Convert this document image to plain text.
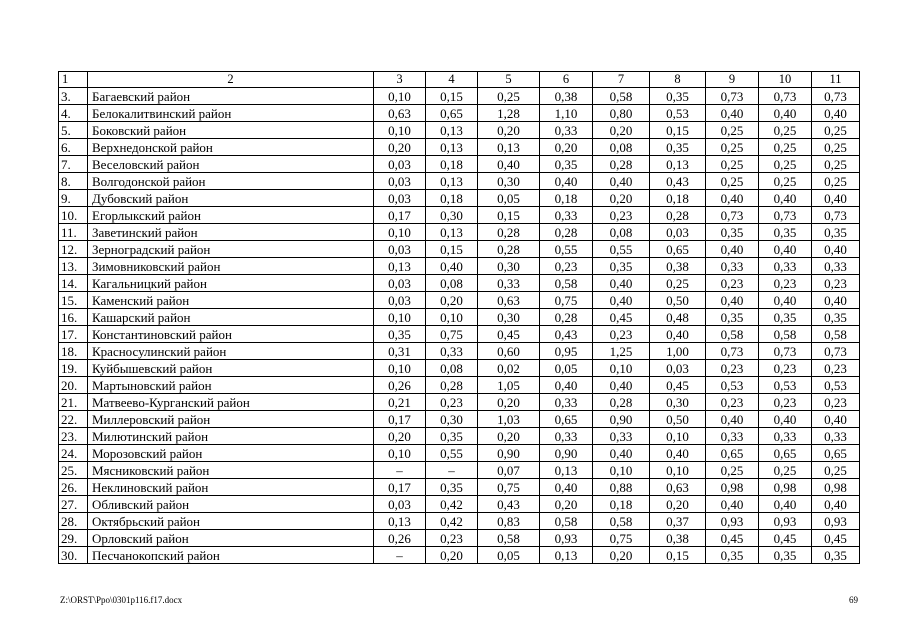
1	2	3	4	5	6	7	8	9	10	11
3.	Багаевский район	0,10	0,15	0,25	0,38	0,58	0,35	0,73	0,73	0,73
4.	Белокалитвинский район	0,63	0,65	1,28	1,10	0,80	0,53	0,40	0,40	0,40
5.	Боковский район	0,10	0,13	0,20	0,33	0,20	0,15	0,25	0,25	0,25
6.	Верхнедонской район	0,20	0,13	0,13	0,20	0,08	0,35	0,25	0,25	0,25
7.	Веселовский район	0,03	0,18	0,40	0,35	0,28	0,13	0,25	0,25	0,25
8.	Волгодонской район	0,03	0,13	0,30	0,40	0,40	0,43	0,25	0,25	0,25
9.	Дубовский район	0,03	0,18	0,05	0,18	0,20	0,18	0,40	0,40	0,40
10.	Егорлыкский район	0,17	0,30	0,15	0,33	0,23	0,28	0,73	0,73	0,73
11.	Заветинский район	0,10	0,13	0,28	0,28	0,08	0,03	0,35	0,35	0,35
12.	Зерноградский район	0,03	0,15	0,28	0,55	0,55	0,65	0,40	0,40	0,40
13.	Зимовниковский район	0,13	0,40	0,30	0,23	0,35	0,38	0,33	0,33	0,33
14.	Кагальницкий район	0,03	0,08	0,33	0,58	0,40	0,25	0,23	0,23	0,23
15.	Каменский район	0,03	0,20	0,63	0,75	0,40	0,50	0,40	0,40	0,40
16.	Кашарский район	0,10	0,10	0,30	0,28	0,45	0,48	0,35	0,35	0,35
17.	Константиновский район	0,35	0,75	0,45	0,43	0,23	0,40	0,58	0,58	0,58
18.	Красносулинский район	0,31	0,33	0,60	0,95	1,25	1,00	0,73	0,73	0,73
19.	Куйбышевский район	0,10	0,08	0,02	0,05	0,10	0,03	0,23	0,23	0,23
20.	Мартыновский район	0,26	0,28	1,05	0,40	0,40	0,45	0,53	0,53	0,53
21.	Матвеево-Курганский район	0,21	0,23	0,20	0,33	0,28	0,30	0,23	0,23	0,23
22.	Миллеровский район	0,17	0,30	1,03	0,65	0,90	0,50	0,40	0,40	0,40
23.	Милютинский район	0,20	0,35	0,20	0,33	0,33	0,10	0,33	0,33	0,33
24.	Морозовский район	0,10	0,55	0,90	0,90	0,40	0,40	0,65	0,65	0,65
25.	Мясниковский район	–	–	0,07	0,13	0,10	0,10	0,25	0,25	0,25
26.	Неклиновский район	0,17	0,35	0,75	0,40	0,88	0,63	0,98	0,98	0,98
27.	Обливский район	0,03	0,42	0,43	0,20	0,18	0,20	0,40	0,40	0,40
28.	Октябрьский район	0,13	0,42	0,83	0,58	0,58	0,37	0,93	0,93	0,93
29.	Орловский район	0,26	0,23	0,58	0,93	0,75	0,38	0,45	0,45	0,45
30.	Песчанокопский район	–	0,20	0,05	0,13	0,20	0,15	0,35	0,35	0,35
Z:\ORST\Ppo\0301p116.f17.docx	69
